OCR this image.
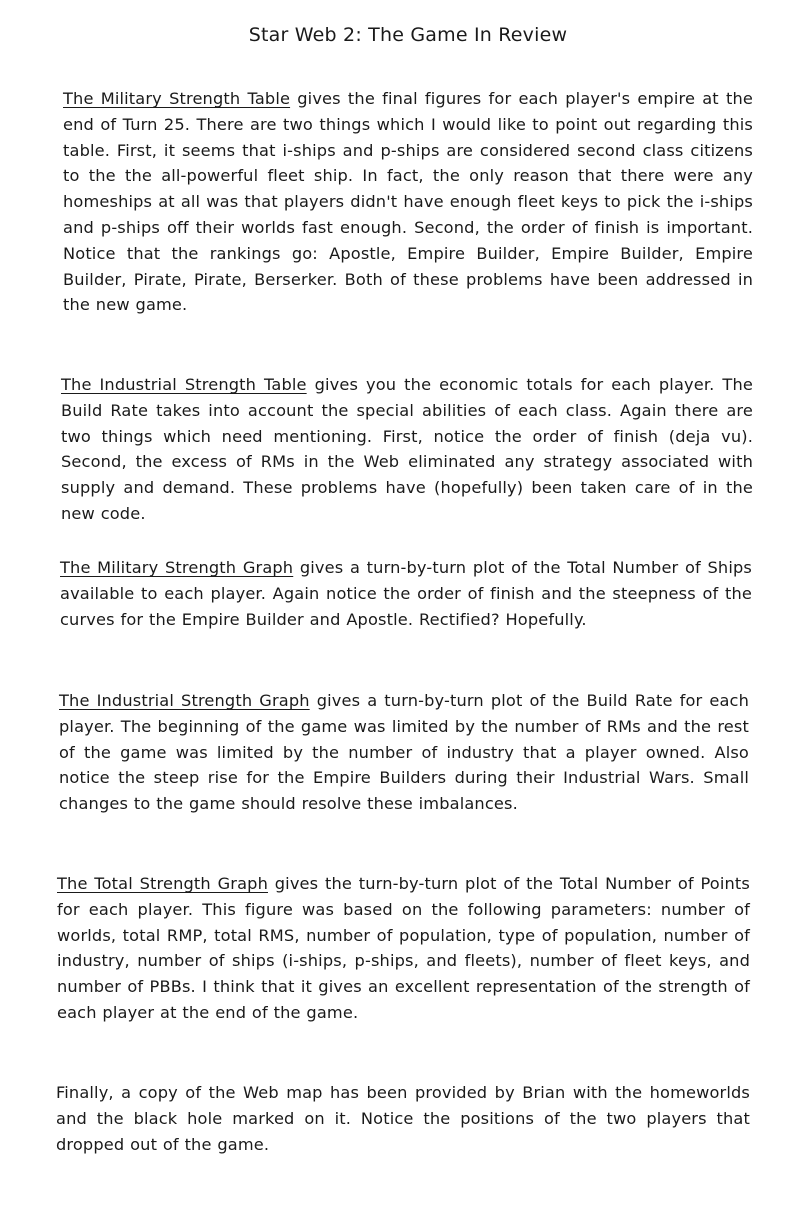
Star Web 2: The Game In Review

The Military Strength Table gives the final figures for each player's empire at the end of Turn 25. There are two things which I would like to point out regarding this table. First, it seems that i-ships and p-ships are considered second class citizens to the the all-powerful fleet ship. In fact, the only reason that there were any homeships at all was that players didn't have enough fleet keys to pick the i-ships and p-ships off their worlds fast enough. Second, the order of finish is important. Notice that the rankings go: Apostle, Empire Builder, Empire Builder, Empire Builder, Pirate, Pirate, Berserker. Both of these problems have been addressed in the new game.

The Industrial Strength Table gives you the economic totals for each player. The Build Rate takes into account the special abilities of each class. Again there are two things which need mentioning. First, notice the order of finish (deja vu). Second, the excess of RMs in the Web eliminated any strategy associated with supply and demand. These problems have (hopefully) been taken care of in the new code.

The Military Strength Graph gives a turn-by-turn plot of the Total Number of Ships available to each player. Again notice the order of finish and the steepness of the curves for the Empire Builder and Apostle. Rectified? Hopefully.

The Industrial Strength Graph gives a turn-by-turn plot of the Build Rate for each player. The beginning of the game was limited by the number of RMs and the rest of the game was limited by the number of industry that a player owned. Also notice the steep rise for the Empire Builders during their Industrial Wars. Small changes to the game should resolve these imbalances.

The Total Strength Graph gives the turn-by-turn plot of the Total Number of Points for each player. This figure was based on the following parameters: number of worlds, total RMP, total RMS, number of population, type of population, number of industry, number of ships (i-ships, p-ships, and fleets), number of fleet keys, and number of PBBs. I think that it gives an excellent representation of the strength of each player at the end of the game.

Finally, a copy of the Web map has been provided by Brian with the homeworlds and the black hole marked on it. Notice the positions of the two players that dropped out of the game.
